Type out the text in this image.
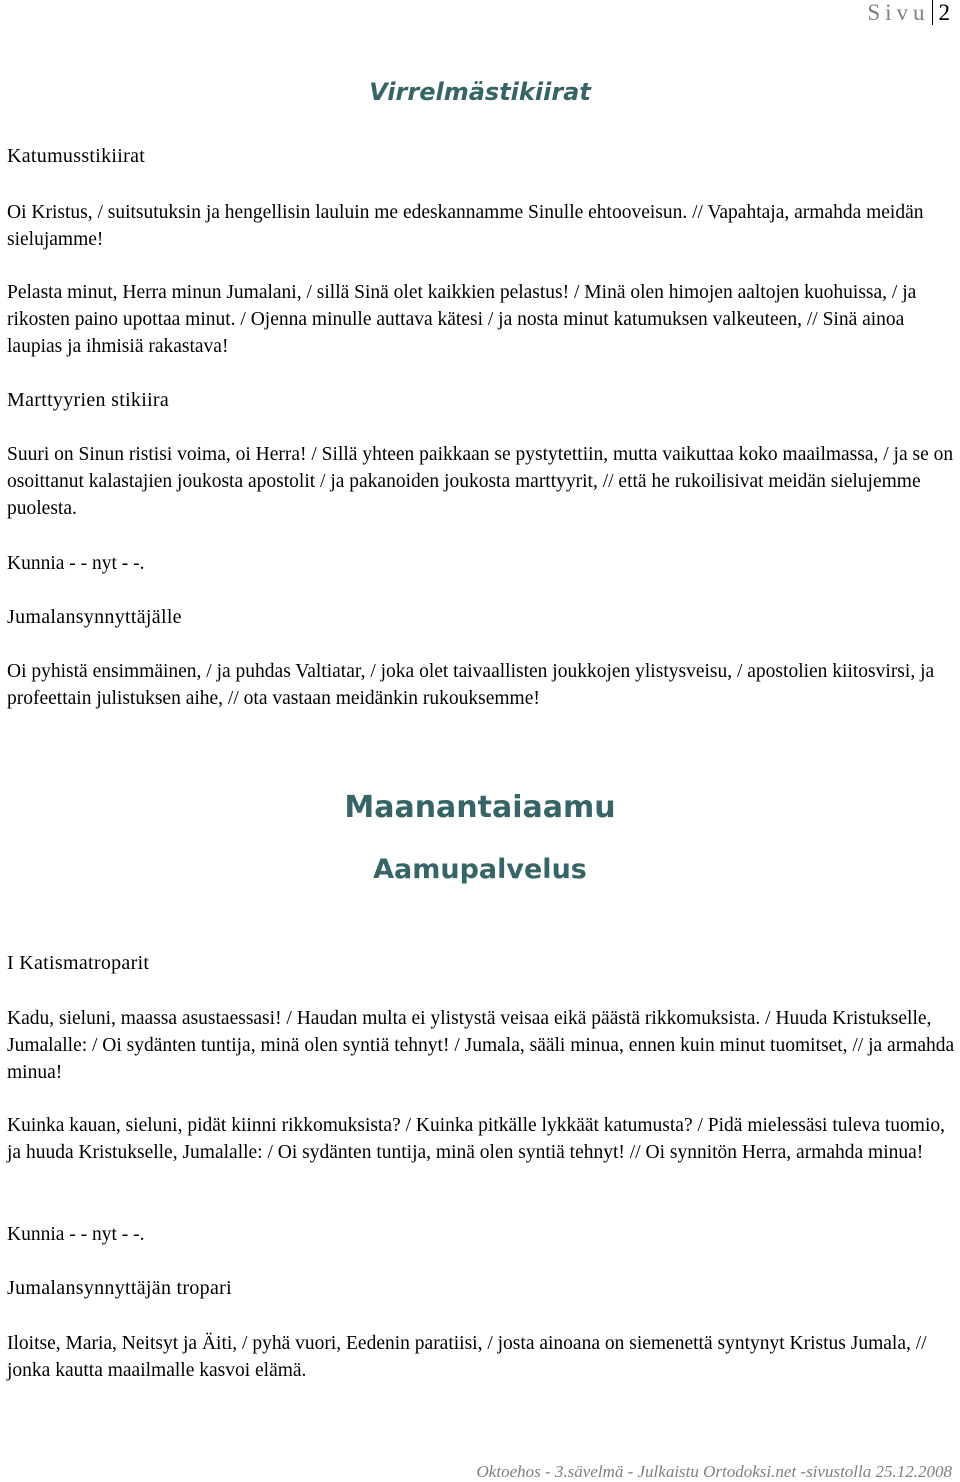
Sivu 2
Virrelmästikiirat
Katumusstikiirat

Oi Kristus, / suitsutuksin ja hengellisin lauluin me edeskannamme Sinulle ehtooveisun. // Vapahtaja, armahda meidän sielujamme!

Pelasta minut, Herra minun Jumalani, / sillä Sinä olet kaikkien pelastus! / Minä olen himojen aaltojen kuohuissa, / ja rikosten paino upottaa minut. / Ojenna minulle auttava kätesi / ja nosta minut katumuksen valkeuteen, // Sinä ainoa laupias ja ihmisiä rakastava!

Marttyyrien stikiira

Suuri on Sinun ristisi voima, oi Herra! / Sillä yhteen paikkaan se pystytettiin, mutta vaikuttaa koko maailmassa, / ja se on osoittanut kalastajien joukosta apostolit / ja pakanoiden joukosta marttyyrit, // että he rukoilisivat meidän sielujemme puolesta.

Kunnia - - nyt - -.

Jumalansynnyttäjälle

Oi pyhistä ensimmäinen, / ja puhdas Valtiatar, / joka olet taivaallisten joukkojen ylistysveisu, / apostolien kiitosvirsi, ja profeettain julistuksen aihe, // ota vastaan meidänkin rukouksemme!

Maanantaiaamu
Aamupalvelus
I Katismatroparit

Kadu, sieluni, maassa asustaessasi! / Haudan multa ei ylistystä veisaa eikä päästä rikkomuksista. / Huuda Kristukselle, Jumalalle: / Oi sydänten tuntija, minä olen syntiä tehnyt! / Jumala, sääli minua, ennen kuin minut tuomitset, // ja armahda minua!

Kuinka kauan, sieluni, pidät kiinni rikkomuksista? / Kuinka pitkälle lykkäät katumusta? / Pidä mielessäsi tuleva tuomio, ja huuda Kristukselle, Jumalalle: / Oi sydänten tuntija, minä olen syntiä tehnyt! // Oi synnitön Herra, armahda minua!

Kunnia - - nyt - -.

Jumalansynnyttäjän tropari

Iloitse, Maria, Neitsyt ja Äiti, / pyhä vuori, Eedenin paratiisi, / josta ainoana on siemenettä syntynyt Kristus Jumala, // jonka kautta maailmalle kasvoi elämä.

Oktoehos - 3.sävelmä - Julkaistu Ortodoksi.net -sivustolla 25.12.2008
